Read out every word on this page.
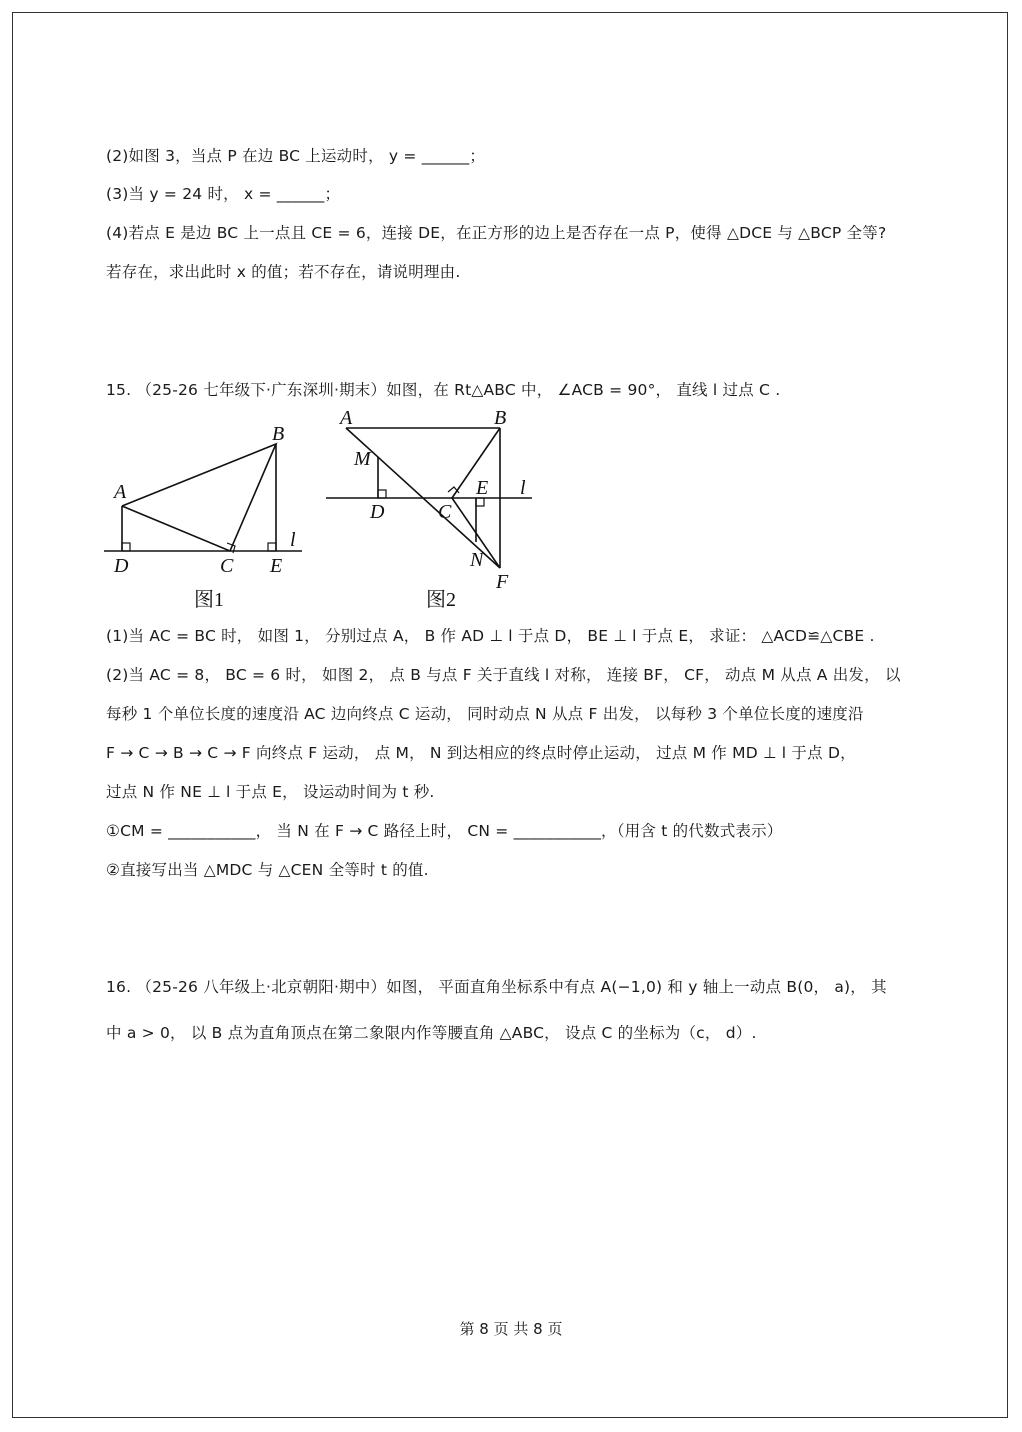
(2)如图 3，当点 P 在边 BC 上运动时， y = ______；
(3)当 y = 24 时， x = ______；
(4)若点 E 是边 BC 上一点且 CE = 6，连接 DE，在正方形的边上是否存在一点 P，使得 △DCE 与 △BCP 全等?
若存在，求出此时 x 的值；若不存在，请说明理由.
15. （25-26 七年级下·广东深圳·期末）如图，在 Rt△ABC 中， ∠ACB = 90°， 直线 l 过点 C .
A
B
C
D	E
l
图1
A	B
M
D	C
E l
N
F
图2
(1)当 AC = BC 时， 如图 1， 分别过点 A， B 作 AD ⊥ l 于点 D， BE ⊥ l 于点 E， 求证： △ACD≌△CBE .
(2)当 AC = 8， BC = 6 时， 如图 2， 点 B 与点 F 关于直线 l 对称， 连接 BF， CF， 动点 M 从点 A 出发， 以
每秒 1 个单位长度的速度沿 AC 边向终点 C 运动， 同时动点 N 从点 F 出发， 以每秒 3 个单位长度的速度沿
F → C → B → C → F 向终点 F 运动， 点 M， N 到达相应的终点时停止运动， 过点 M 作 MD ⊥ l 于点 D，
过点 N 作 NE ⊥ l 于点 E， 设运动时间为 t 秒.
①CM = ___________， 当 N 在 F → C 路径上时， CN = ___________，（用含 t 的代数式表示）
②直接写出当 △MDC 与 △CEN 全等时 t 的值.
16. （25-26 八年级上·北京朝阳·期中）如图， 平面直角坐标系中有点 A(−1,0) 和 y 轴上一动点 B(0， a)， 其
中 a > 0， 以 B 点为直角顶点在第二象限内作等腰直角 △ABC， 设点 C 的坐标为（c， d）.
第 8 页 共 8 页
